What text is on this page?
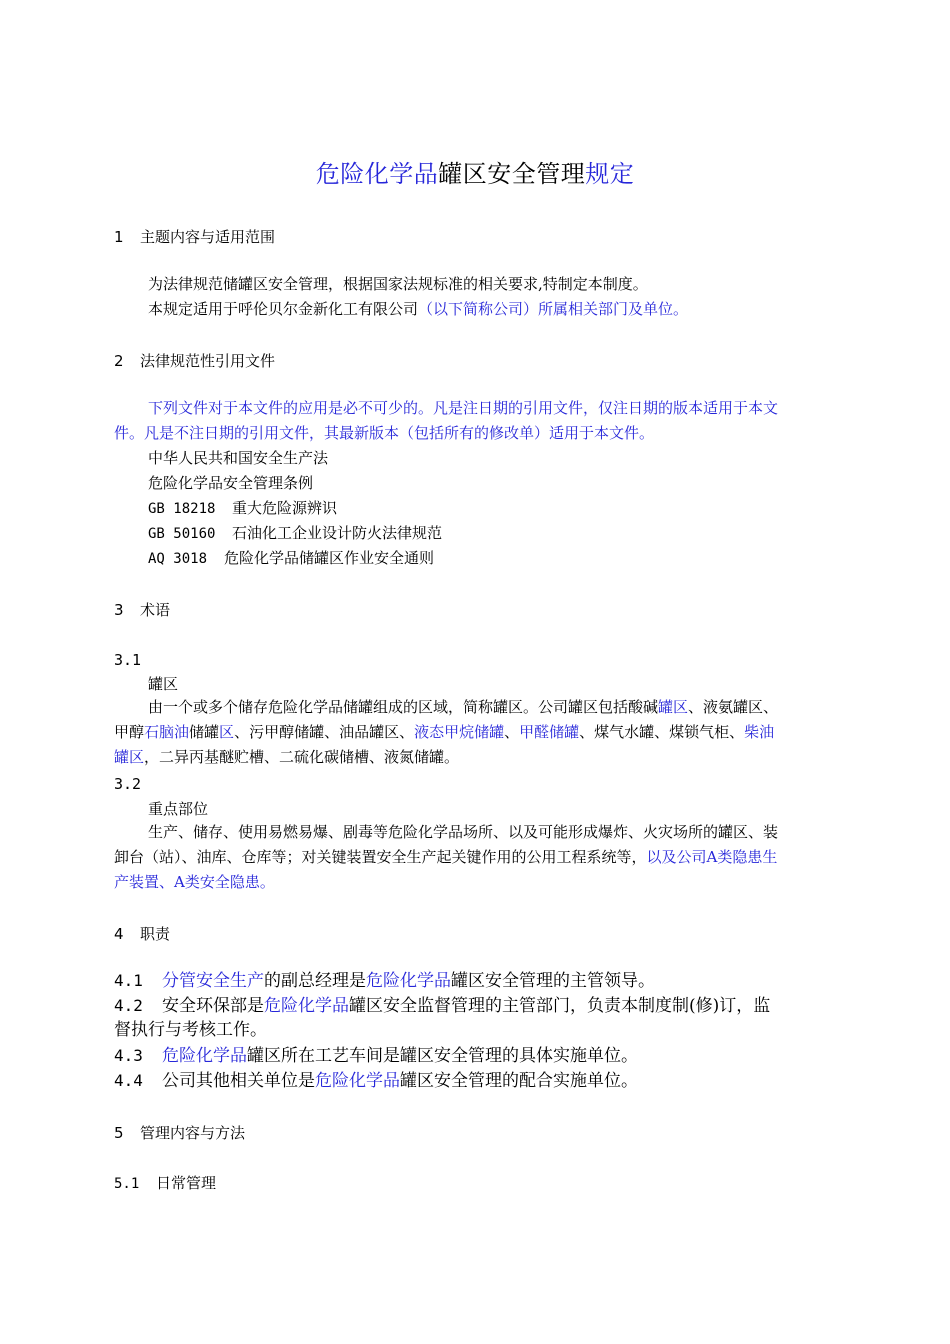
危险化学品罐区安全管理规定
1 主题内容与适用范围
为法律规范储罐区安全管理，根据国家法规标准的相关要求,特制定本制度。
本规定适用于呼伦贝尔金新化工有限公司（以下简称公司）所属相关部门及单位。
2 法律规范性引用文件
下列文件对于本文件的应用是必不可少的。凡是注日期的引用文件，仅注日期的版本适用于本文
件。凡是不注日期的引用文件，其最新版本（包括所有的修改单）适用于本文件。
中华人民共和国安全生产法
危险化学品安全管理条例
GB 18218 重大危险源辨识
GB 50160 石油化工企业设计防火法律规范
AQ 3018 危险化学品储罐区作业安全通则
3 术语
3.1
罐区
由一个或多个储存危险化学品储罐组成的区域，简称罐区。公司罐区包括酸碱罐区、液氨罐区、
甲醇石脑油储罐区、污甲醇储罐、油品罐区、液态甲烷储罐、甲醛储罐、煤气水罐、煤锁气柜、柴油
罐区，二异丙基醚贮槽、二硫化碳储槽、液氮储罐。
3.2
重点部位
生产、储存、使用易燃易爆、剧毒等危险化学品场所、以及可能形成爆炸、火灾场所的罐区、装
卸台（站）、油库、仓库等；对关键装置安全生产起关键作用的公用工程系统等，以及公司A类隐患生
产装置、A类安全隐患。
4 职责
4.1 分管安全生产的副总经理是危险化学品罐区安全管理的主管领导。
4.2 安全环保部是危险化学品罐区安全监督管理的主管部门，负责本制度制(修)订，监
督执行与考核工作。
4.3 危险化学品罐区所在工艺车间是罐区安全管理的具体实施单位。
4.4 公司其他相关单位是危险化学品罐区安全管理的配合实施单位。
5 管理内容与方法
5.1 日常管理
